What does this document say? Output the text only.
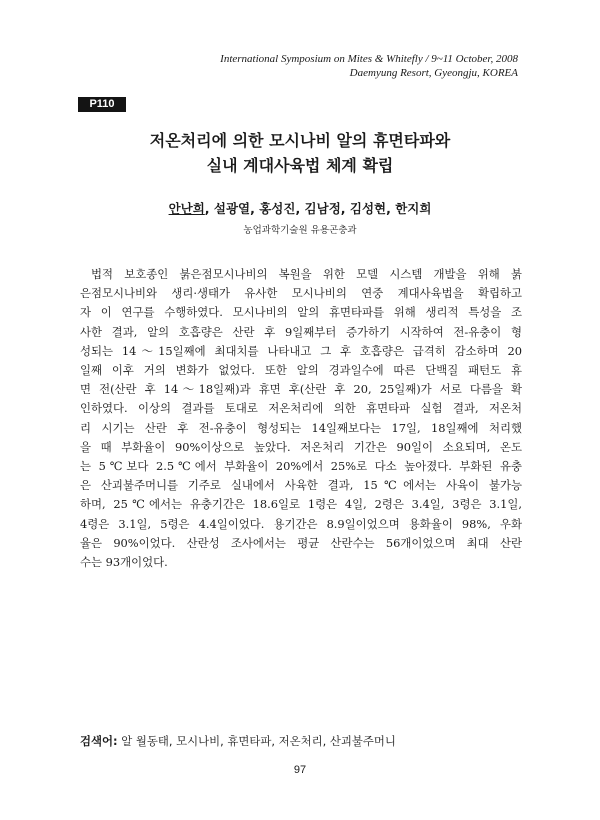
International Symposium on Mites & Whitefly / 9~11 October, 2008
Daemyung Resort, Gyeongju, KOREA
P110
저온처리에 의한 모시나비 알의 휴면타파와
실내 계대사육법 체계 확립
안난희, 설광열, 홍성진, 김남정, 김성현, 한지희
농업과학기술원 유용곤충과
법적 보호종인 붉은점모시나비의 복원을 위한 모델 시스템 개발을 위해 붉
은점모시나비와 생리·생태가 유사한 모시나비의 연중 계대사육법을 확립하고
자 이 연구를 수행하였다. 모시나비의 알의 휴면타파를 위해 생리적 특성을 조
사한 결과, 알의 호흡량은 산란 후 9일째부터 증가하기 시작하여 전-유충이 형
성되는 14～15일째에 최대치를 나타내고 그 후 호흡량은 급격히 감소하며 20
일째 이후 거의 변화가 없었다. 또한 알의 경과일수에 따른 단백질 패턴도 휴
면 전(산란 후 14～18일째)과 휴면 후(산란 후 20, 25일째)가 서로 다름을 확
인하였다. 이상의 결과를 토대로 저온처리에 의한 휴면타파 실험 결과, 저온처
리 시기는 산란 후 전-유충이 형성되는 14일째보다는 17일, 18일째에 처리했
을 때 부화율이 90%이상으로 높았다. 저온처리 기간은 90일이 소요되며, 온도
는 5℃보다 2.5℃에서 부화율이 20%에서 25%로 다소 높아졌다. 부화된 유충
은 산괴불주머니를 기주로 실내에서 사육한 결과, 15℃에서는 사육이 불가능
하며, 25℃에서는 유충기간은 18.6일로 1령은 4일, 2령은 3.4일, 3령은 3.1일,
4령은 3.1일, 5령은 4.4일이었다. 용기간은 8.9일이었으며 용화율이 98%, 우화
율은 90%이었다. 산란성 조사에서는 평균 산란수는 56개이었으며 최대 산란
수는 93개이었다.
검색어: 알 월동태, 모시나비, 휴면타파, 저온처리, 산괴불주머니
97
